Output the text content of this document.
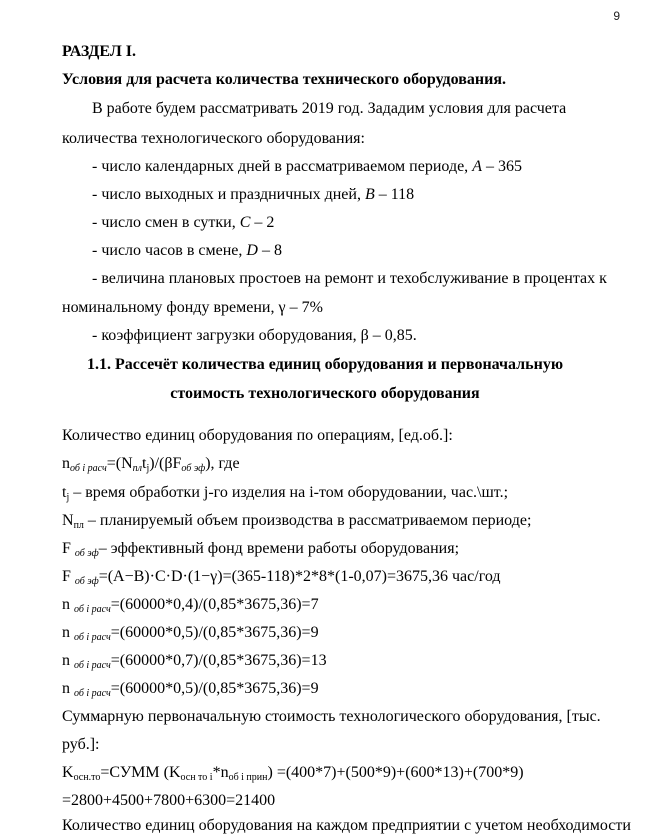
9
РАЗДЕЛ I.
Условия для расчета количества технического оборудования.
В работе будем рассматривать 2019 год. Зададим условия для расчета
количества технологического оборудования:
- число календарных дней в рассматриваемом периоде, А – 365
- число выходных и праздничных дней, В – 118
- число смен в сутки, С – 2
- число часов в смене, D – 8
- величина плановых простоев на ремонт и техобслуживание в процентах к
номинальному фонду времени, γ – 7%
- коэффициент загрузки оборудования, β – 0,85.
1.1. Рассечёт количества единиц оборудования и первоначальную
стоимость технологического оборудования
Количество единиц оборудования по операциям, [ед.об.]:
$n_{об i расч}=(N_{пл}t_j)/(\beta F_{об эф})$, где
$t_j$ – время обработки j-го изделия на i-том оборудовании, час.\шт.;
$N_{пл}$ – планируемый объем производства в рассматриваемом периоде;
F $_{об эф}$– эффективный фонд времени работы оборудования;
F $_{об эф}$=(A−B)·C·D·(1−γ)=(365-118)*2*8*(1-0,07)=3675,36 час/год
n $_{об i расч}$=(60000*0,4)/(0,85*3675,36)=7
n $_{об i расч}$=(60000*0,5)/(0,85*3675,36)=9
n $_{об i расч}$=(60000*0,7)/(0,85*3675,36)=13
n $_{об i расч}$=(60000*0,5)/(0,85*3675,36)=9
Суммарную первоначальную стоимость технологического оборудования, [тыс.
руб.]:
$K_{осн.то}=СУММ$ $(K_{осн то i}*n_{об i прин}) =(400*7)+(500*9)+(600*13)+(700*9)$
=2800+4500+7800+6300=21400
Количество единиц оборудования на каждом предприятии с учетом необходимости
